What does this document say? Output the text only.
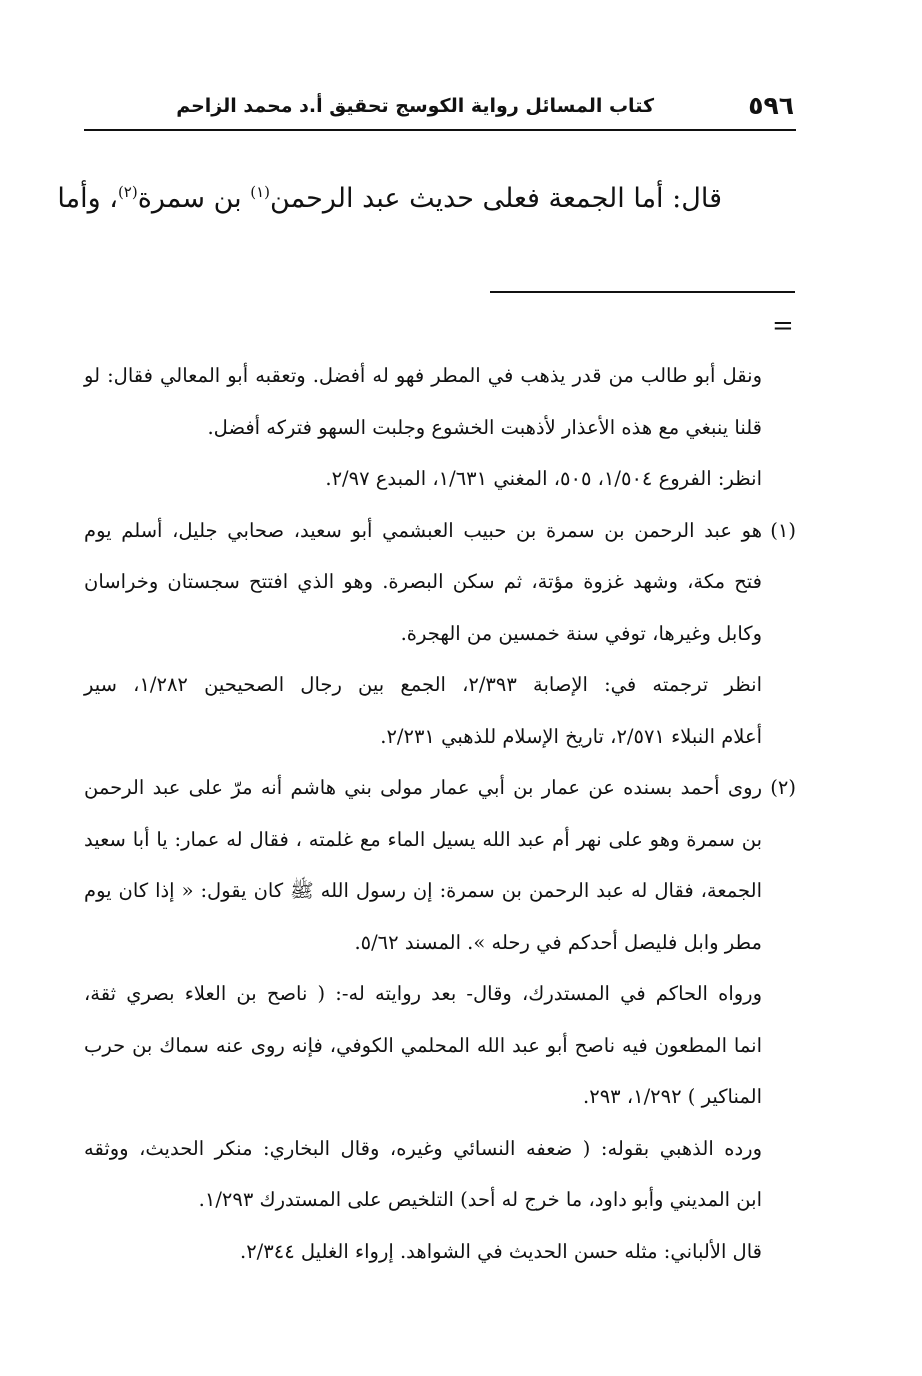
٥٩٦
كتاب المسائل رواية الكوسج تحقيق أ.د محمد الزاحم
قال: أما الجمعة فعلى حديث عبد الرحمن$^{(١)}$ بن سمرة$^{(٢)}$، وأما
=
ونقل أبو طالب من قدر يذهب في المطر فهو له أفضل. وتعقبه أبو المعالي فقال: لو
قلنا ينبغي مع هذه الأعذار لأذهبت الخشوع وجلبت السهو فتركه أفضل.
انظر: الفروع ١/٥٠٤، ٥٠٥، المغني ١/٦٣١، المبدع ٢/٩٧.
(١)هو عبد الرحمن بن سمرة بن حبيب العبشمي أبو سعيد، صحابي جليل، أسلم يوم
فتح مكة، وشهد غزوة مؤتة، ثم سكن البصرة. وهو الذي افتتح سجستان وخراسان
وكابل وغيرها، توفي سنة خمسين من الهجرة.
انظر ترجمته في: الإصابة ٢/٣٩٣، الجمع بين رجال الصحيحين ١/٢٨٢، سير
أعلام النبلاء ٢/٥٧١، تاريخ الإسلام للذهبي ٢/٢٣١.
(٢)روى أحمد بسنده عن عمار بن أبي عمار مولى بني هاشم أنه مرّ على عبد الرحمن
بن سمرة وهو على نهر أم عبد الله يسيل الماء مع غلمته ، فقال له عمار: يا أبا سعيد
الجمعة، فقال له عبد الرحمن بن سمرة: إن رسول الله ﷺ كان يقول: « إذا كان يوم
مطر وابل فليصل أحدكم في رحله ». المسند ٥/٦٢.
ورواه الحاكم في المستدرك، وقال- بعد روايته له-: ( ناصح بن العلاء بصري ثقة،
انما المطعون فيه ناصح أبو عبد الله المحلمي الكوفي، فإنه روى عنه سماك بن حرب
المناكير ) ١/٢٩٢، ٢٩٣.
ورده الذهبي بقوله: ( ضعفه النسائي وغيره، وقال البخاري: منكر الحديث، ووثقه
ابن المديني وأبو داود، ما خرج له أحد) التلخيص على المستدرك ١/٢٩٣.
قال الألباني: مثله حسن الحديث في الشواهد. إرواء الغليل ٢/٣٤٤.
